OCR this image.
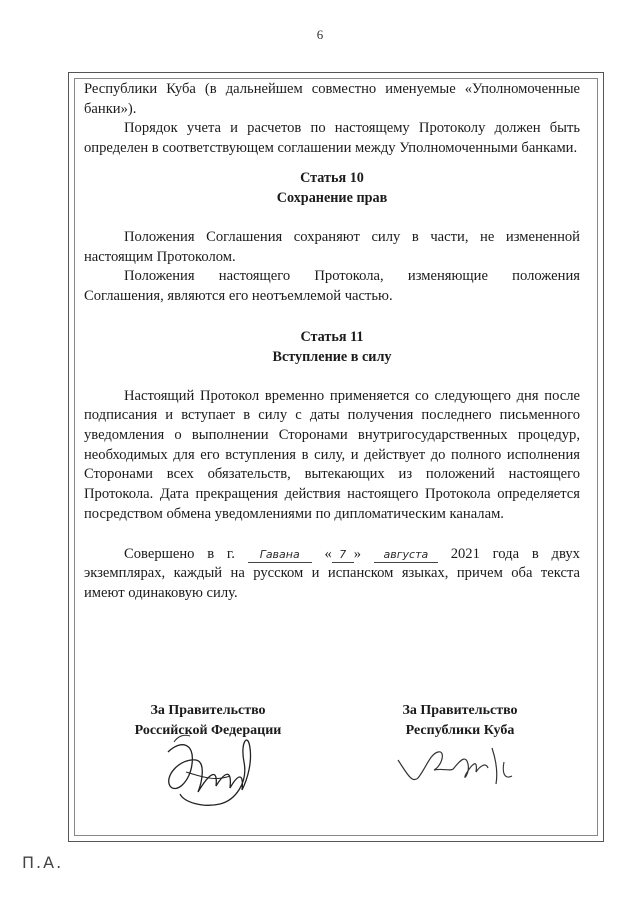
6

Республики Куба (в дальнейшем совместно именуемые «Уполномоченные банки»).

Порядок учета и расчетов по настоящему Протоколу должен быть определен в соответствующем соглашении между Уполномоченными банками.

Статья 10

Сохранение прав

Положения Соглашения сохраняют силу в части, не измененной настоящим Протоколом.

Положения настоящего Протокола, изменяющие положения Соглашения, являются его неотъемлемой частью.

Статья 11

Вступление в силу

Настоящий Протокол временно применяется со следующего дня после подписания и вступает в силу с даты получения последнего письменного уведомления о выполнении Сторонами внутригосударственных процедур, необходимых для его вступления в силу, и действует до полного исполнения Сторонами всех обязательств, вытекающих из положений настоящего Протокола. Дата прекращения действия настоящего Протокола определяется посредством обмена уведомлениями по дипломатическим каналам.

Совершено в г. Гавана « 7 » августа 2021 года в двух экземплярах, каждый на русском и испанском языках, причем оба текста имеют одинаковую силу.

За Правительство
Российской Федерации
За Правительство
Республики Куба
П.А.
